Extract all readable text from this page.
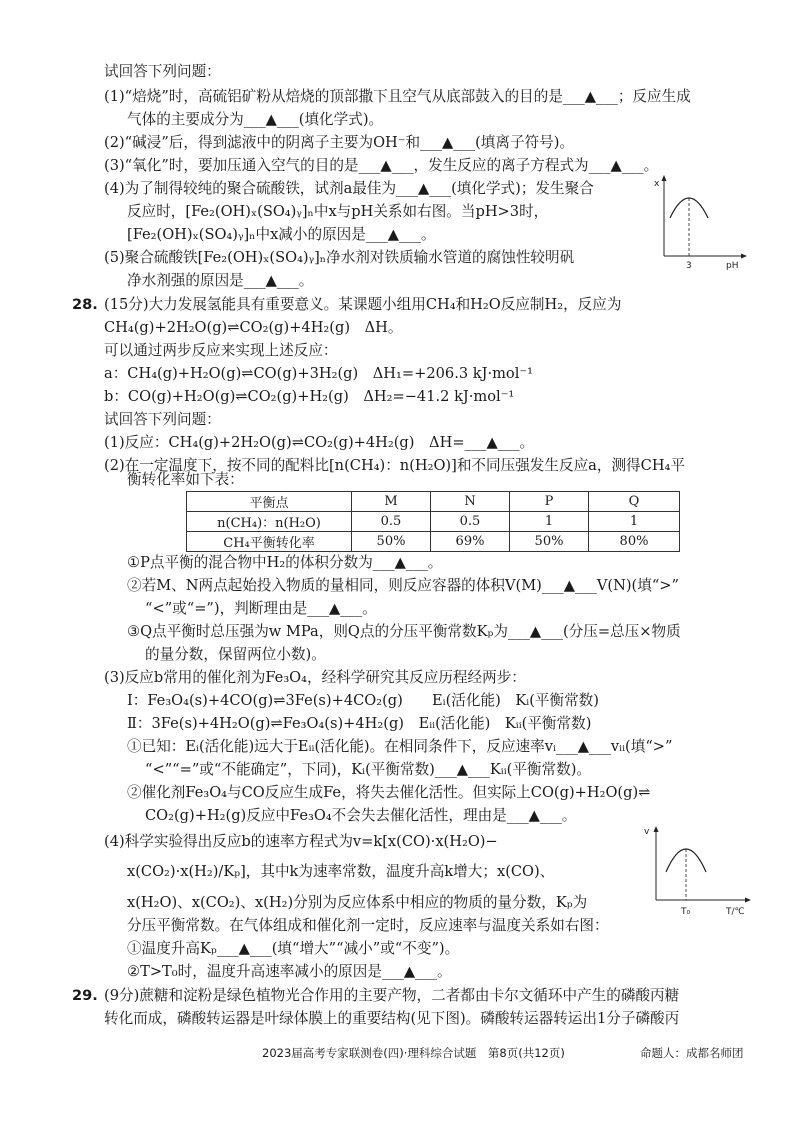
试回答下列问题：
(1)“焙烧”时，高硫铝矿粉从焙烧的顶部撒下且空气从底部鼓入的目的是___▲___；反应生成
气体的主要成分为___▲___(填化学式)。
(2)“碱浸”后，得到滤液中的阴离子主要为OH⁻和___▲___(填离子符号)。
(3)“氧化”时，要加压通入空气的目的是___▲___，发生反应的离子方程式为___▲___。
(4)为了制得较纯的聚合硫酸铁，试剂a最佳为___▲___(填化学式)；发生聚合
反应时，[Fe₂(OH)ₓ(SO₄)ᵧ]ₙ中x与pH关系如右图。当pH>3时，
[Fe₂(OH)ₓ(SO₄)ᵧ]ₙ中x减小的原因是___▲___。
(5)聚合硫酸铁[Fe₂(OH)ₓ(SO₄)ᵧ]ₙ净水剂对铁质输水管道的腐蚀性较明矾
净水剂强的原因是___▲___。
28. (15分)大力发展氢能具有重要意义。某课题小组用CH₄和H₂O反应制H₂，反应为
CH₄(g)+2H₂O(g)⇌CO₂(g)+4H₂(g)　ΔH。
可以通过两步反应来实现上述反应：
a：CH₄(g)+H₂O(g)⇌CO(g)+3H₂(g)　ΔH₁=+206.3 kJ·mol⁻¹
b：CO(g)+H₂O(g)⇌CO₂(g)+H₂(g)　ΔH₂=−41.2 kJ·mol⁻¹
试回答下列问题：
(1)反应：CH₄(g)+2H₂O(g)⇌CO₂(g)+4H₂(g)　ΔH=___▲___。
(2)在一定温度下，按不同的配料比[n(CH₄)：n(H₂O)]和不同压强发生反应a，测得CH₄平
衡转化率如下表：
平衡点	M	N	P	Q
n(CH₄)：n(H₂O)	0.5	0.5	1	1
CH₄平衡转化率	50%	69%	50%	80%
①P点平衡的混合物中H₂的体积分数为___▲___。
②若M、N两点起始投入物质的量相同，则反应容器的体积V(M)___▲___V(N)(填“>”
“<”或“=”)，判断理由是___▲___。
③Q点平衡时总压强为w MPa，则Q点的分压平衡常数Kₚ为___▲___(分压=总压×物质
的量分数，保留两位小数)。
(3)反应b常用的催化剂为Fe₃O₄，经科学研究其反应历程经两步：
Ⅰ：Fe₃O₄(s)+4CO(g)⇌3Fe(s)+4CO₂(g)　　Eᵢ(活化能)　Kᵢ(平衡常数)
Ⅱ：3Fe(s)+4H₂O(g)⇌Fe₃O₄(s)+4H₂(g)　Eᵢᵢ(活化能)　Kᵢᵢ(平衡常数)
①已知：Eᵢ(活化能)远大于Eᵢᵢ(活化能)。在相同条件下，反应速率vᵢ___▲___vᵢᵢ(填“>”
“<”“=”或“不能确定”，下同)，Kᵢ(平衡常数)___▲___Kᵢᵢ(平衡常数)。
②催化剂Fe₃O₄与CO反应生成Fe，将失去催化活性。但实际上CO(g)+H₂O(g)⇌
CO₂(g)+H₂(g)反应中Fe₃O₄不会失去催化活性，理由是___▲___。
(4)科学实验得出反应b的速率方程式为v=k[x(CO)·x(H₂O)−
x(CO₂)·x(H₂)/Kₚ]，其中k为速率常数，温度升高k增大；x(CO)、
x(H₂O)、x(CO₂)、x(H₂)分别为反应体系中相应的物质的量分数，Kₚ为
分压平衡常数。在气体组成和催化剂一定时，反应速率与温度关系如右图：
①温度升高Kₚ___▲___(填“增大”“减小”或“不变”)。
②T>T₀时，温度升高速率减小的原因是___▲___。
29. (9分)蔗糖和淀粉是绿色植物光合作用的主要产物，二者都由卡尔文循环中产生的磷酸丙糖
转化而成，磷酸转运器是叶绿体膜上的重要结构(见下图)。磷酸转运器转运出1分子磷酸丙
x
pH
3
v
T/℃
T₀
2023届高考专家联测卷(四)·理科综合试题　第8页(共12页)	命题人：成都名师团
